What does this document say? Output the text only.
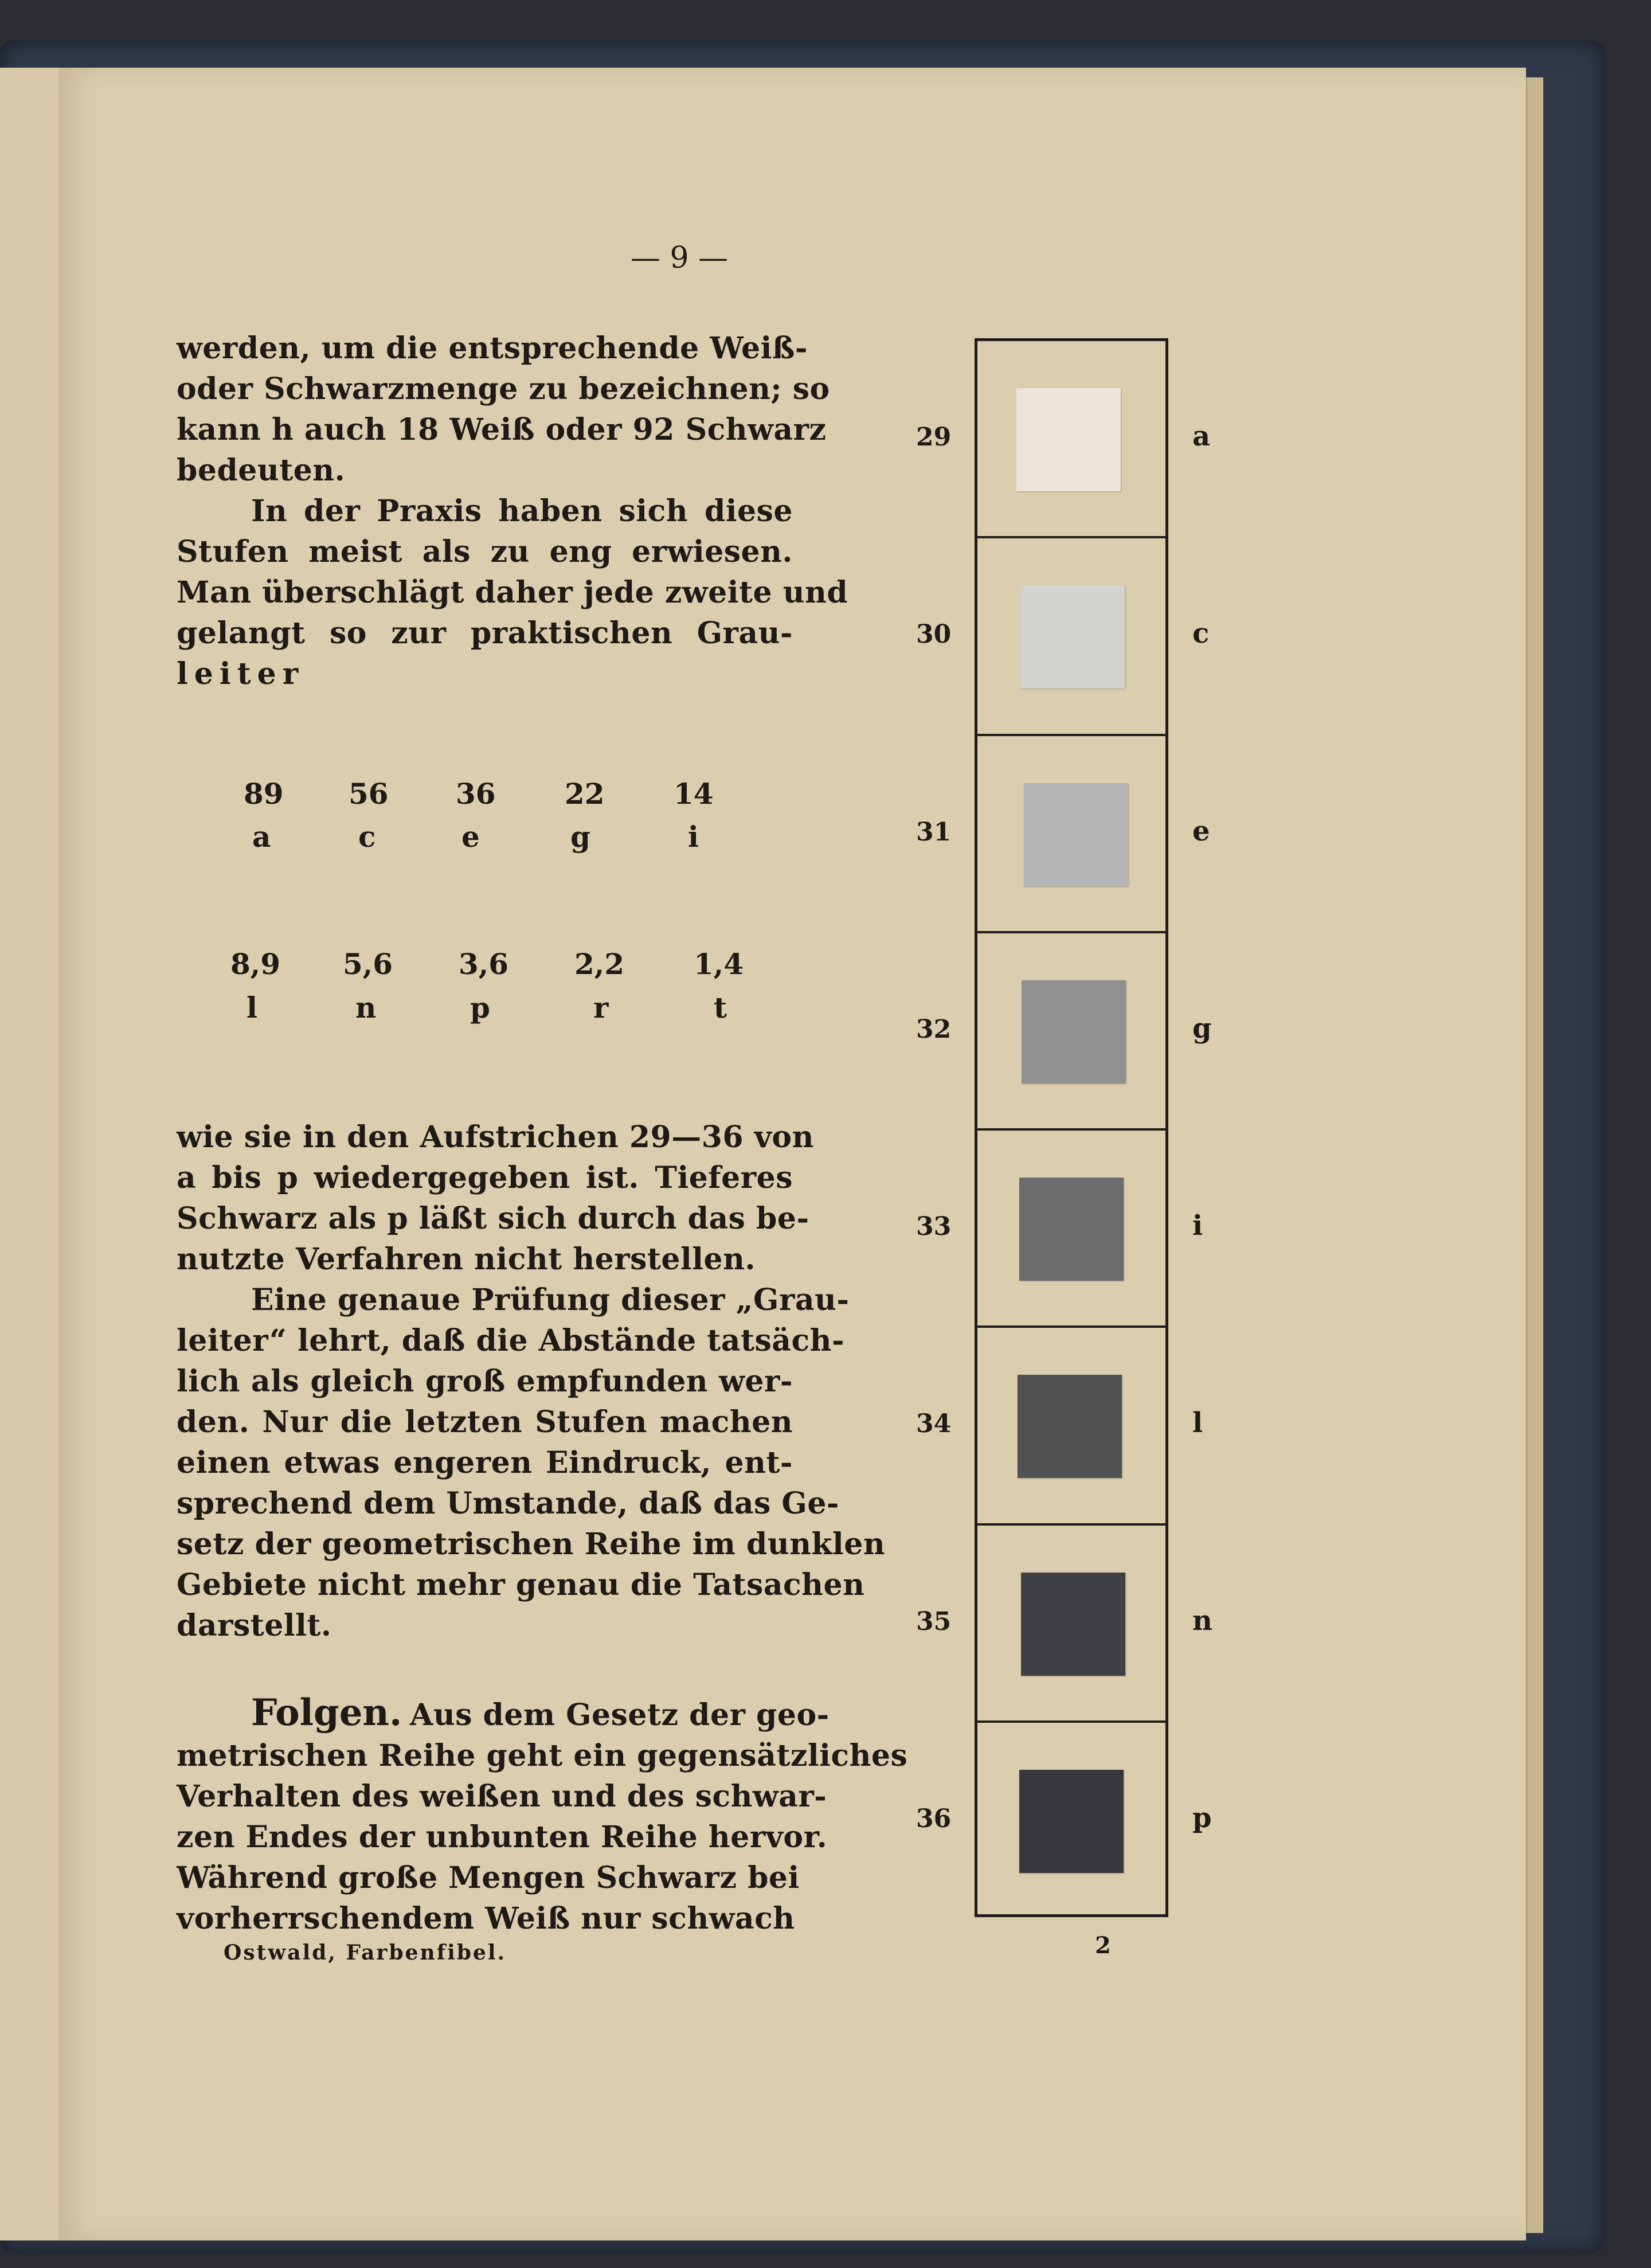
— 9 —
werden, um die entsprechende Weiß-
oder Schwarzmenge zu bezeichnen; so
kann h auch 18 Weiß oder 92 Schwarz
bedeuten.
In der Praxis haben sich diese
Stufen meist als zu eng erwiesen.
Man überschlägt daher jede zweite und
gelangt so zur praktischen Grau-
leiter
89 56 36 22 14
a	c	e	g	i
8,9 5,6 3,6 2,2 1,4
l	n	p	r	t
wie sie in den Aufstrichen 29—36 von
a bis p wiedergegeben ist. Tieferes
Schwarz als p läßt sich durch das be-
nutzte Verfahren nicht herstellen.
Eine genaue Prüfung dieser „Grau-
leiter“ lehrt, daß die Abstände tatsäch-
lich als gleich groß empfunden wer-
den. Nur die letzten Stufen machen
einen etwas engeren Eindruck, ent-
sprechend dem Umstande, daß das Ge-
setz der geometrischen Reihe im dunklen
Gebiete nicht mehr genau die Tatsachen
darstellt.
Folgen. Aus dem Gesetz der geo-
metrischen Reihe geht ein gegensätzliches
Verhalten des weißen und des schwar-
zen Endes der unbunten Reihe hervor.
Während große Mengen Schwarz bei
vorherrschendem Weiß nur schwach
Ostwald, Farbenfibel.
29	a
30	c
31	e
32	g
33	i
34	l
35	n
36	p
2
